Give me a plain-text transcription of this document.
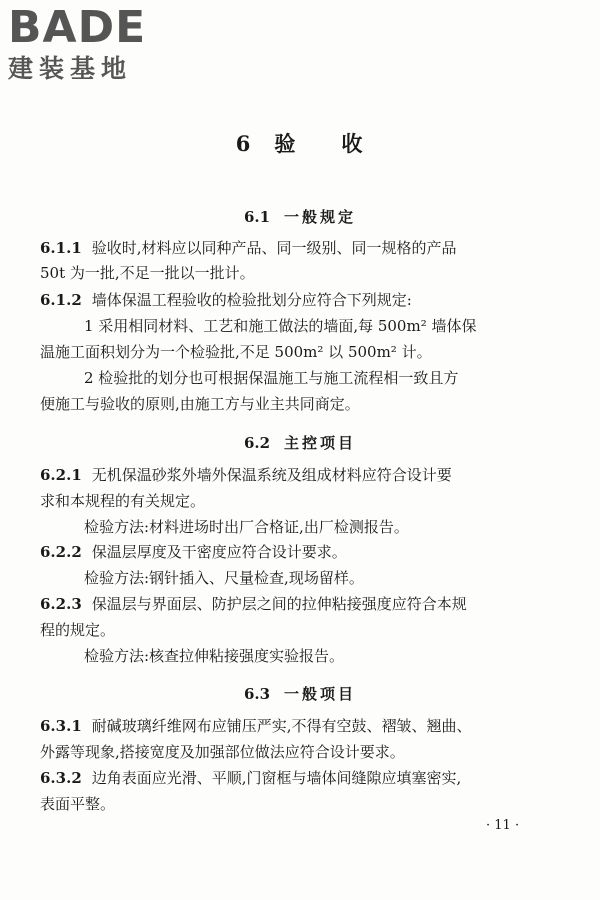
BADE
建装基地
6 验 收
6.1 一般规定
6.1.1 验收时,材料应以同种产品、同一级别、同一规格的产品
50t 为一批,不足一批以一批计。
6.1.2 墙体保温工程验收的检验批划分应符合下列规定:
1 采用相同材料、工艺和施工做法的墙面,每 500m² 墙体保
温施工面积划分为一个检验批,不足 500m² 以 500m² 计。
2 检验批的划分也可根据保温施工与施工流程相一致且方
便施工与验收的原则,由施工方与业主共同商定。
6.2 主控项目
6.2.1 无机保温砂浆外墙外保温系统及组成材料应符合设计要
求和本规程的有关规定。
检验方法:材料进场时出厂合格证,出厂检测报告。
6.2.2 保温层厚度及干密度应符合设计要求。
检验方法:钢针插入、尺量检查,现场留样。
6.2.3 保温层与界面层、防护层之间的拉伸粘接强度应符合本规
程的规定。
检验方法:核查拉伸粘接强度实验报告。
6.3 一般项目
6.3.1 耐碱玻璃纤维网布应铺压严实,不得有空鼓、褶皱、翘曲、
外露等现象,搭接宽度及加强部位做法应符合设计要求。
6.3.2 边角表面应光滑、平顺,门窗框与墙体间缝隙应填塞密实,
表面平整。
· 11 ·
